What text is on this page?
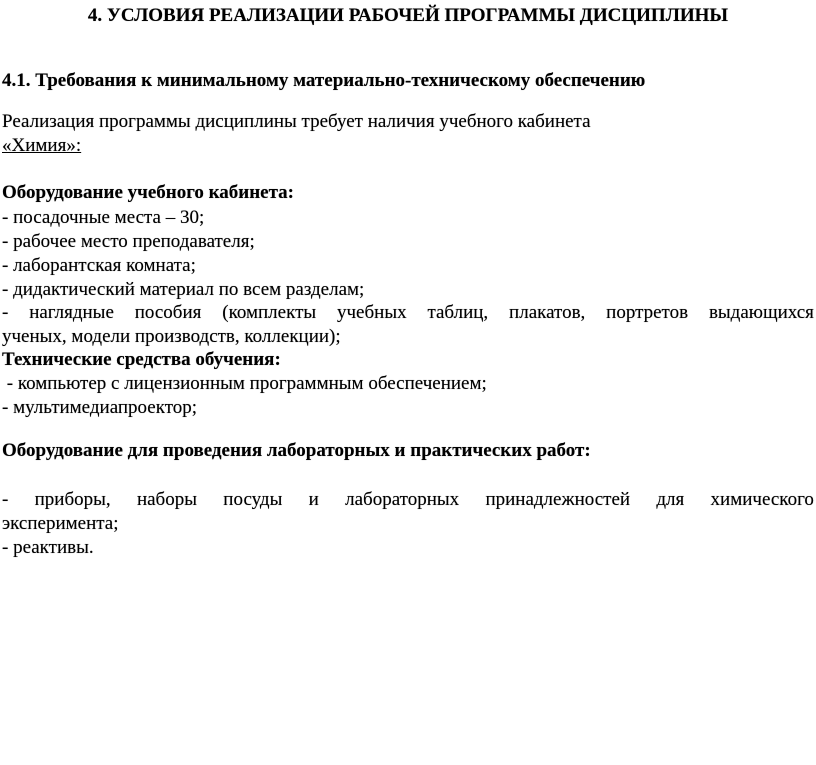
4. УСЛОВИЯ РЕАЛИЗАЦИИ РАБОЧЕЙ ПРОГРАММЫ ДИСЦИПЛИНЫ
4.1. Требования к минимальному материально-техническому обеспечению
Реализация программы дисциплины требует наличия учебного кабинета
«Химия»:
Оборудование учебного кабинета:
- посадочные места – 30;
- рабочее место преподавателя;
- лаборантская комната;
- дидактический материал по всем разделам;
- наглядные пособия (комплекты учебных таблиц, плакатов, портретов выдающихся
ученых, модели производств, коллекции);
Технические средства обучения:
- компьютер с лицензионным программным обеспечением;
- мультимедиапроектор;
Оборудование для проведения лабораторных и практических работ:
- приборы, наборы посуды и лабораторных принадлежностей для химического
эксперимента;
- реактивы.
